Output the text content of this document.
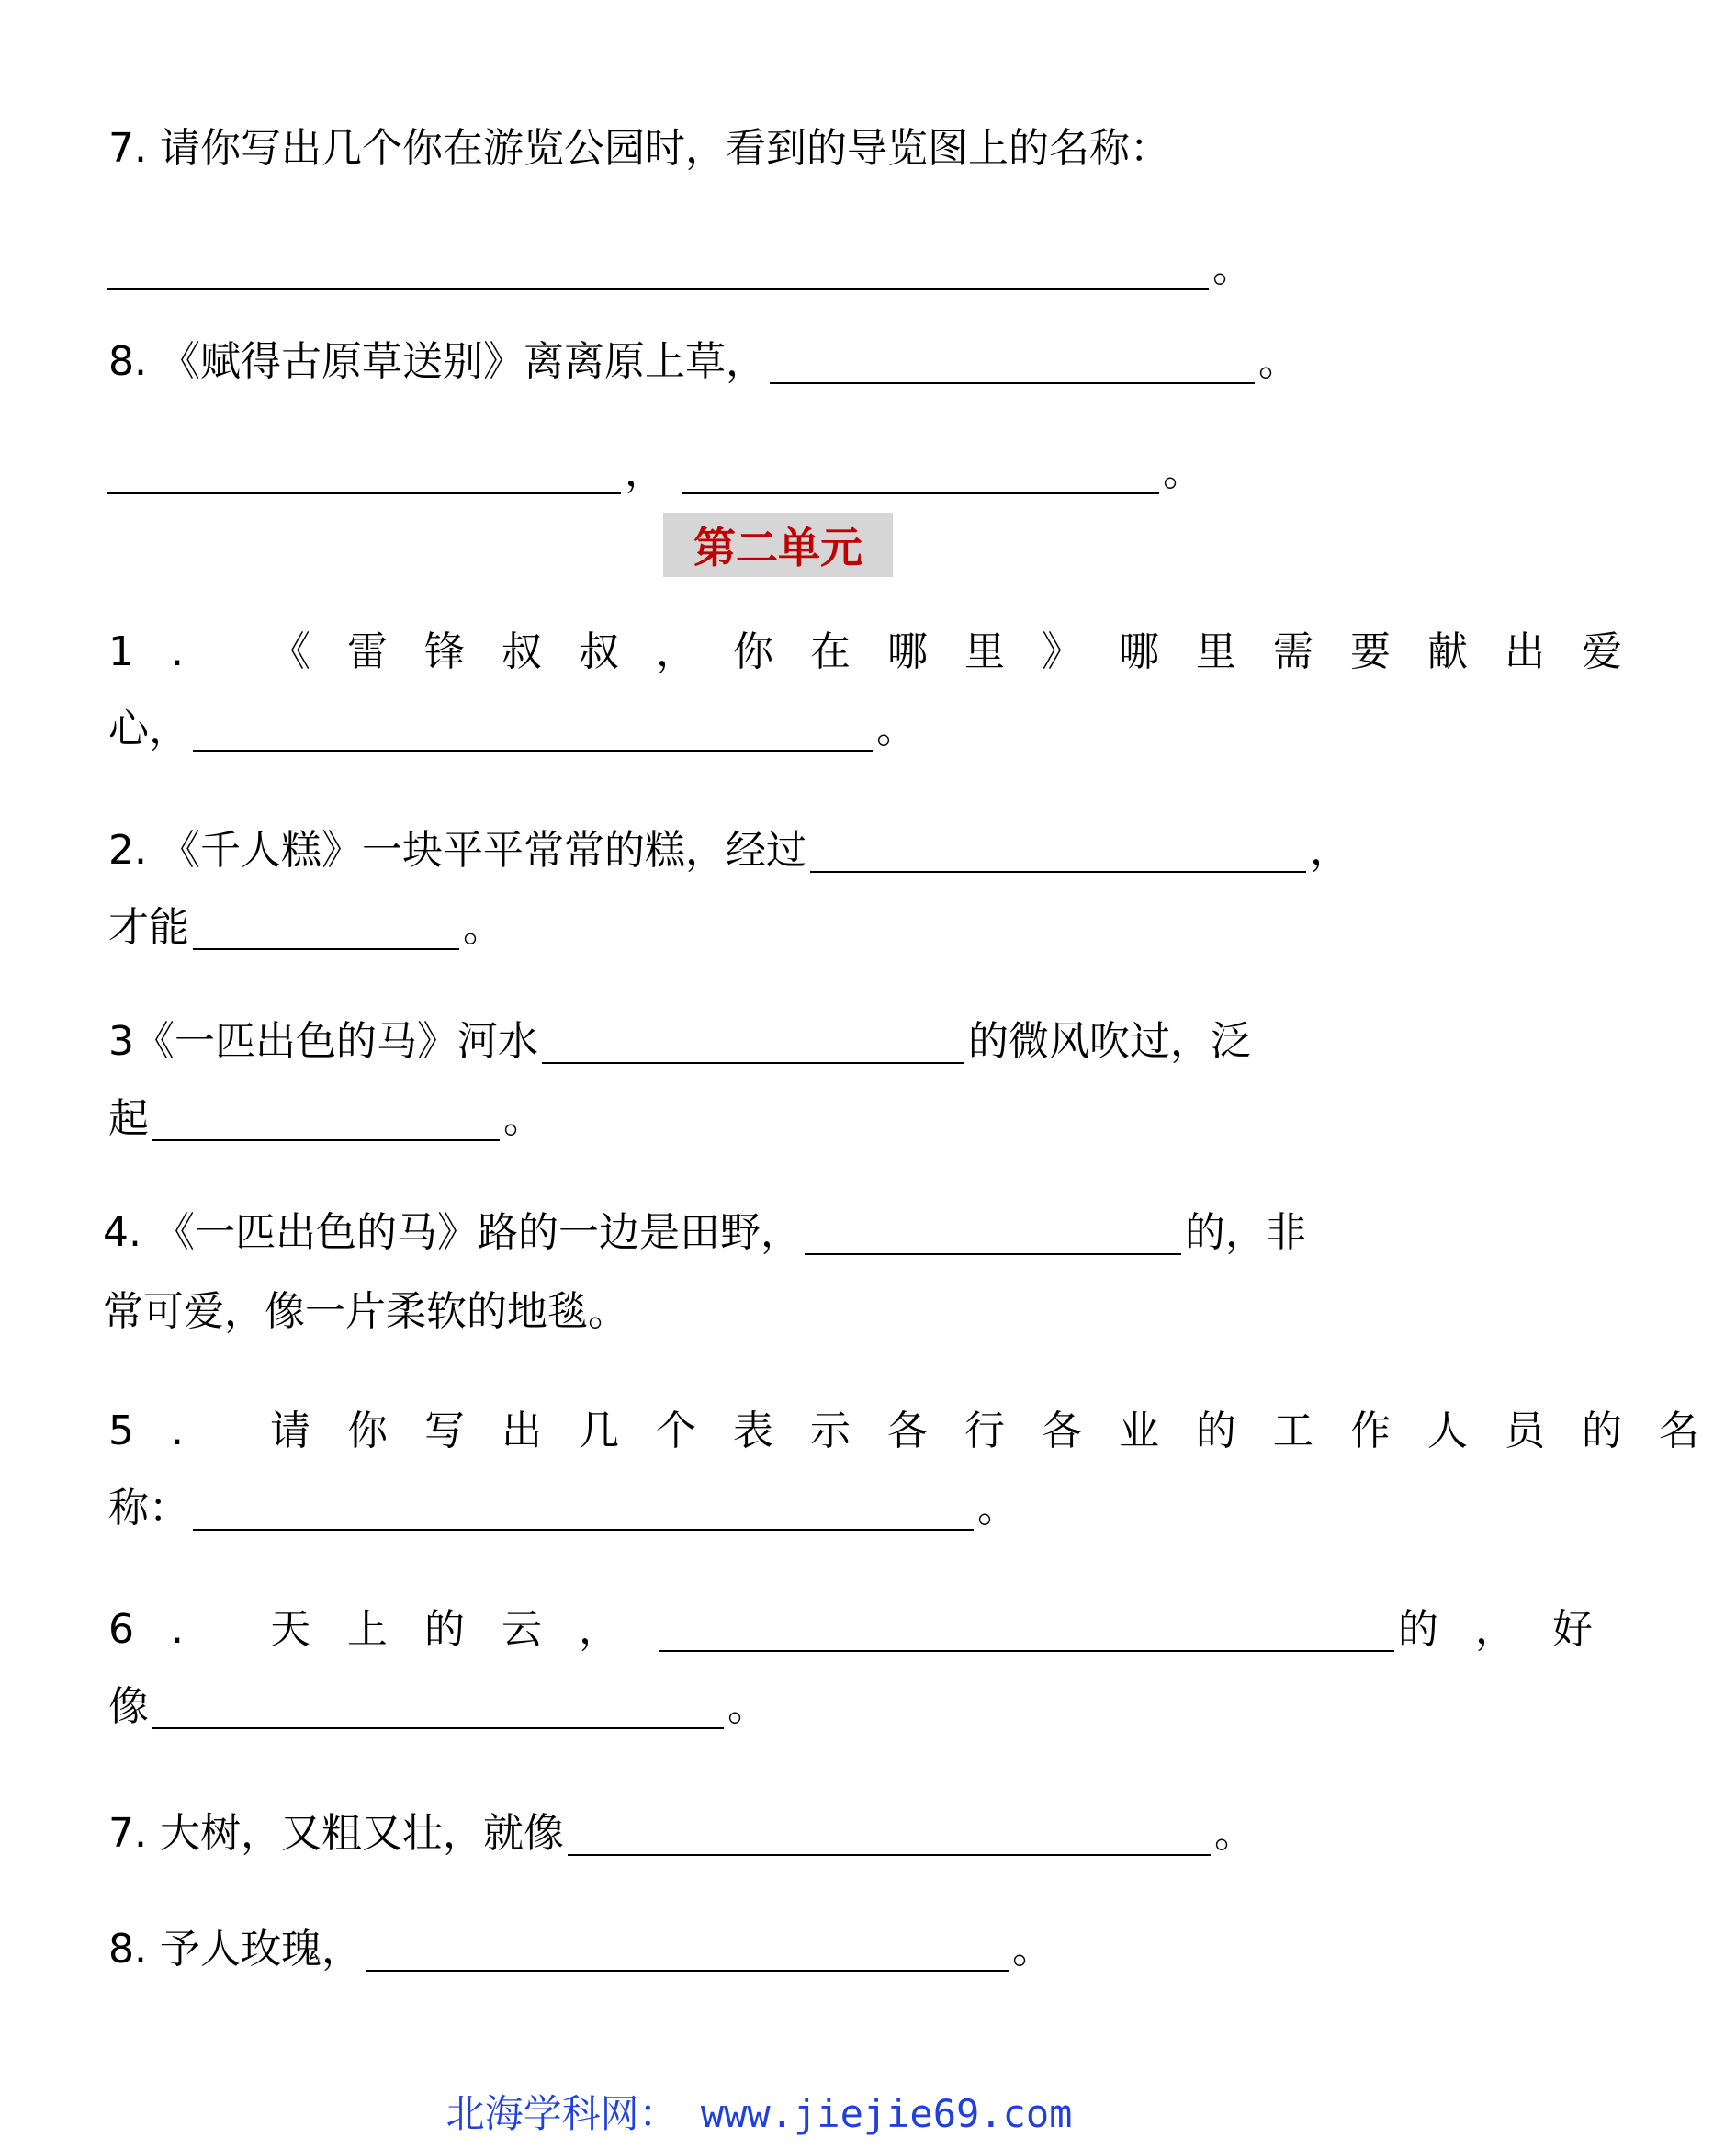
7. 请你写出几个你在游览公园时，看到的导览图上的名称：
。
8. 《赋得古原草送别》离离原上草，	。
，	。
第二单元
1. 《雷锋叔叔，你在哪里》哪里需要献出爱
心，	。
2. 《千人糕》一块平平常常的糕，经过	，
才能	。
3《一匹出色的马》河水	的微风吹过，泛
起	。
4. 《一匹出色的马》路的一边是田野，	的，非
常可爱，像一片柔软的地毯。
5. 请你写出几个表示各行各业的工作人员的名
称：	。
6. 天上的云，	的，好
像	。
7. 大树，又粗又壮，就像	。
8. 予人玫瑰，	。
北海学科网： www.jiejie69.com
